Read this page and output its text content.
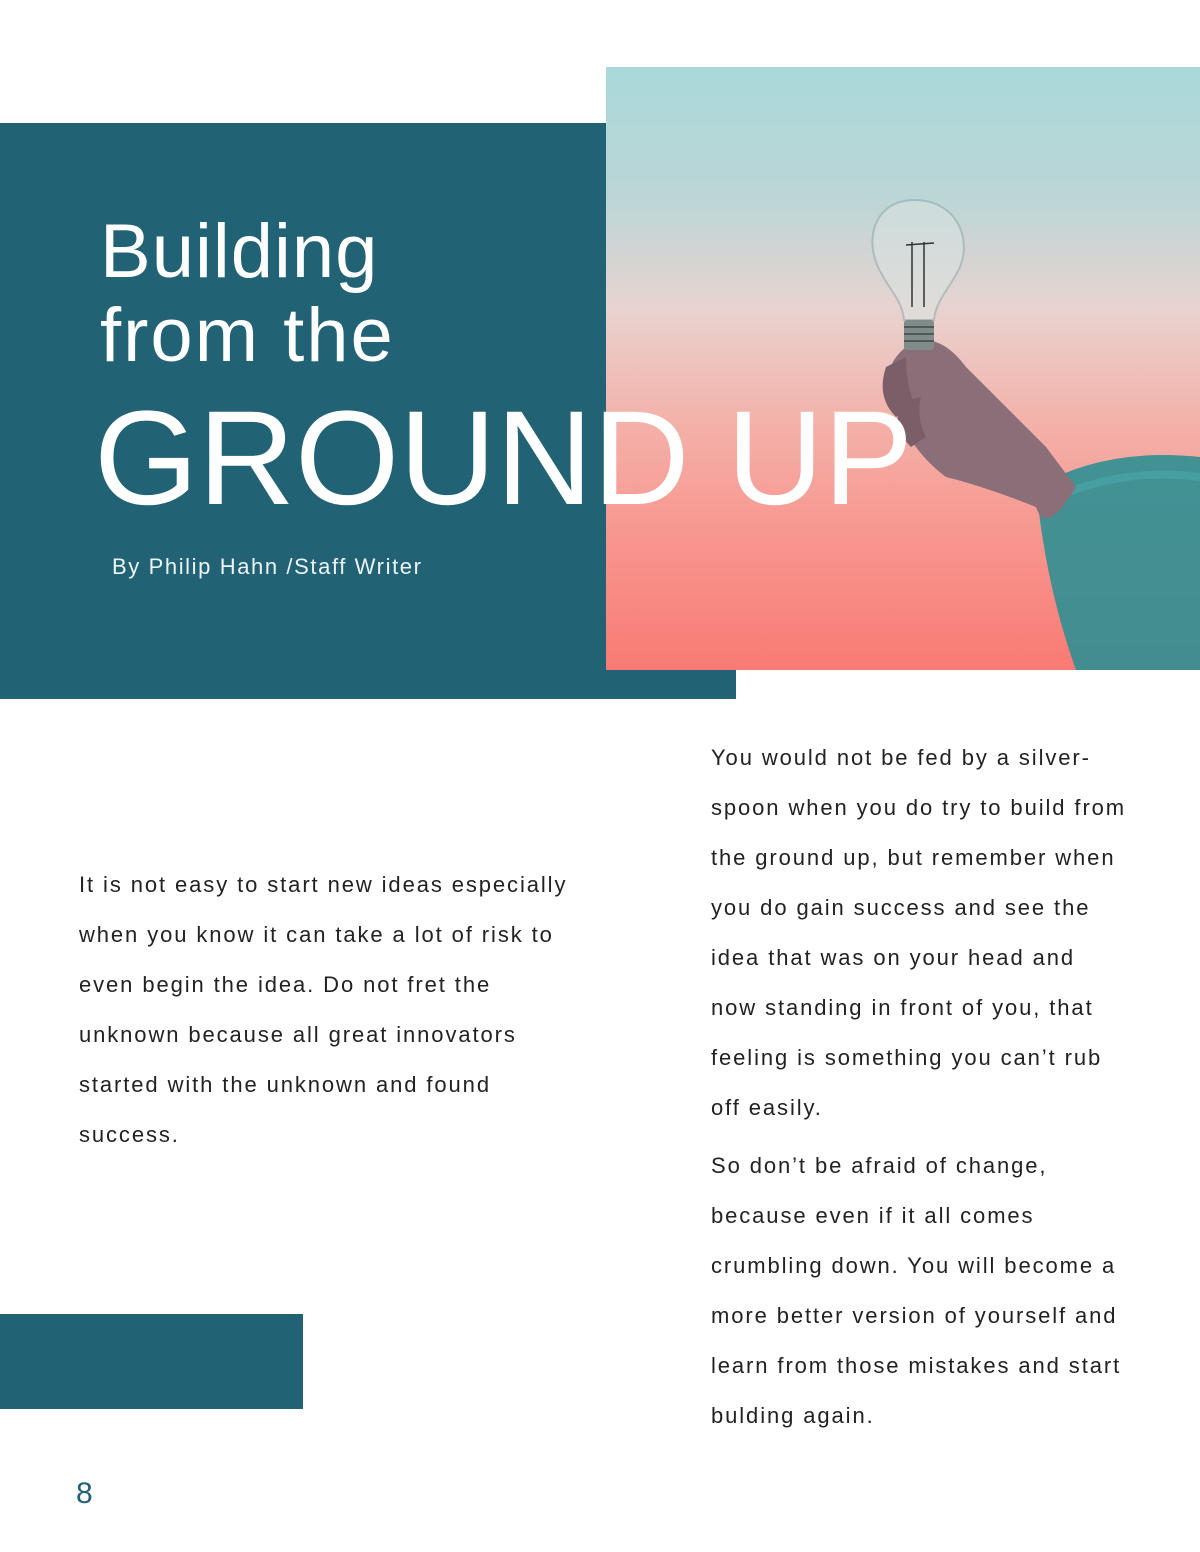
Building
from the
GROUND UP
By Philip Hahn /Staff Writer
It is not easy to start new ideas especially
when you know it can take a lot of risk to
even begin the idea. Do not fret the
unknown because all great innovators
started with the unknown and found
success.
You would not be fed by a silver-
spoon when you do try to build from
the ground up, but remember when
you do gain success and see the
idea that was on your head and
now standing in front of you, that
feeling is something you can’t rub
off easily.
So don’t be afraid of change,
because even if it all comes
crumbling down. You will become a
more better version of yourself and
learn from those mistakes and start
bulding again.
8
